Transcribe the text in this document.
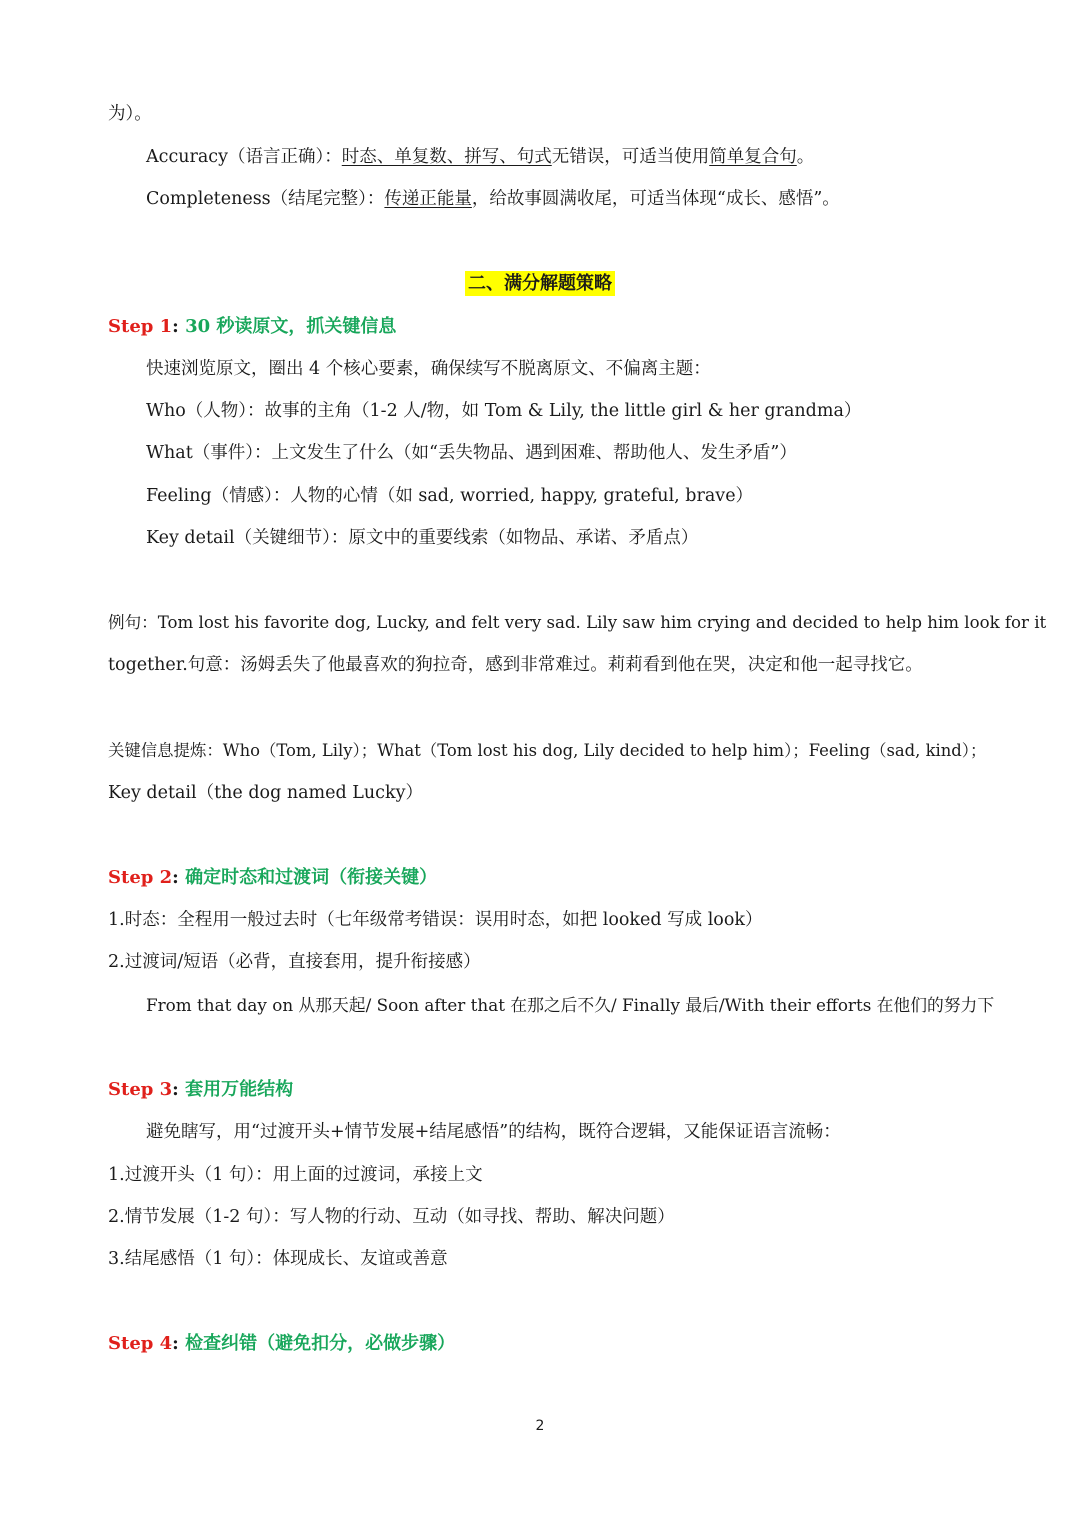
为）。
Accuracy（语言正确）：时态、单复数、拼写、句式无错误，可适当使用简单复合句。
Completeness（结尾完整）：传递正能量，给故事圆满收尾，可适当体现“成长、感悟”。
二、满分解题策略
Step 1: 30 秒读原文，抓关键信息
快速浏览原文，圈出 4 个核心要素，确保续写不脱离原文、不偏离主题：
Who（人物）：故事的主角（1-2 人/物，如 Tom & Lily, the little girl & her grandma）
What（事件）：上文发生了什么（如“丢失物品、遇到困难、帮助他人、发生矛盾”）
Feeling（情感）：人物的心情（如 sad, worried, happy, grateful, brave）
Key detail（关键细节）：原文中的重要线索（如物品、承诺、矛盾点）
例句：Tom lost his favorite dog, Lucky, and felt very sad. Lily saw him crying and decided to help him look for it
together.句意：汤姆丢失了他最喜欢的狗拉奇，感到非常难过。莉莉看到他在哭，决定和他一起寻找它。
关键信息提炼：Who（Tom, Lily）；What（Tom lost his dog, Lily decided to help him）；Feeling（sad, kind）；
Key detail（the dog named Lucky）
Step 2: 确定时态和过渡词（衔接关键）
1.时态：全程用一般过去时（七年级常考错误：误用时态，如把 looked 写成 look）
2.过渡词/短语（必背，直接套用，提升衔接感）
From that day on 从那天起/ Soon after that 在那之后不久/ Finally 最后/With their efforts 在他们的努力下
Step 3: 套用万能结构
避免瞎写，用“过渡开头+情节发展+结尾感悟”的结构，既符合逻辑，又能保证语言流畅：
1.过渡开头（1 句）：用上面的过渡词，承接上文
2.情节发展（1-2 句）：写人物的行动、互动（如寻找、帮助、解决问题）
3.结尾感悟（1 句）：体现成长、友谊或善意
Step 4: 检查纠错（避免扣分，必做步骤）
2
